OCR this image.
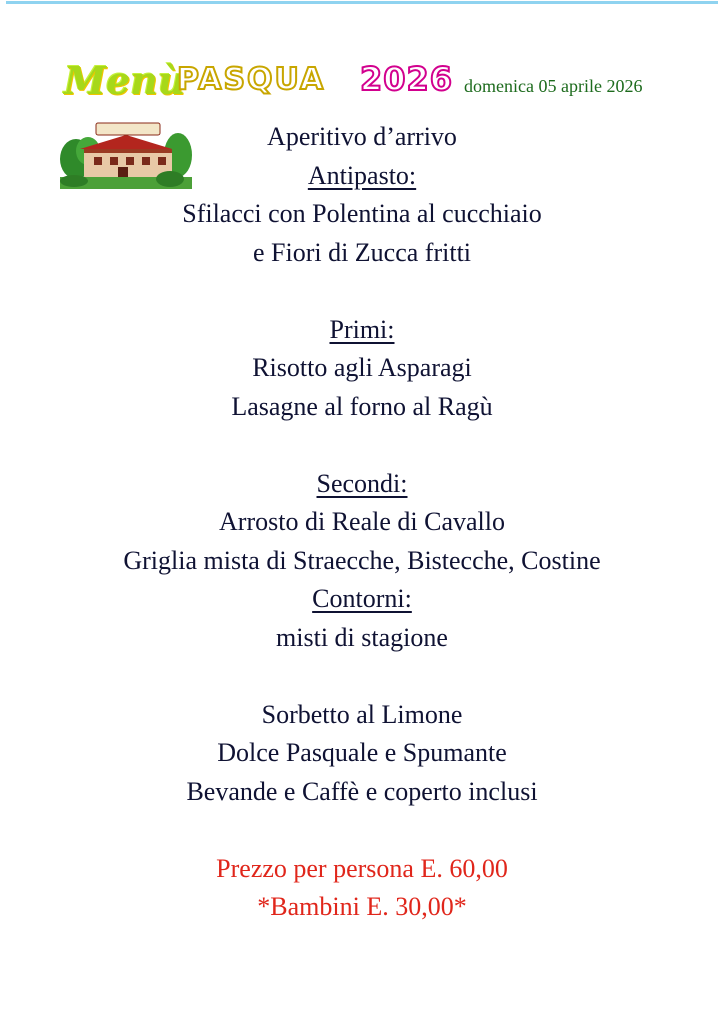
Menù
PASQUA 2026 domenica 05 aprile 2026
Aperitivo d’arrivo
Antipasto:
Sfilacci con Polentina al cucchiaio
e Fiori di Zucca fritti
Primi:
Risotto agli Asparagi
Lasagne al forno al Ragù
Secondi:
Arrosto di Reale di Cavallo
Griglia mista di Straecche, Bistecche, Costine
Contorni:
misti di stagione
Sorbetto al Limone
Dolce Pasquale e Spumante
Bevande e Caffè e coperto inclusi
Prezzo per persona E. 60,00
*Bambini E. 30,00*
